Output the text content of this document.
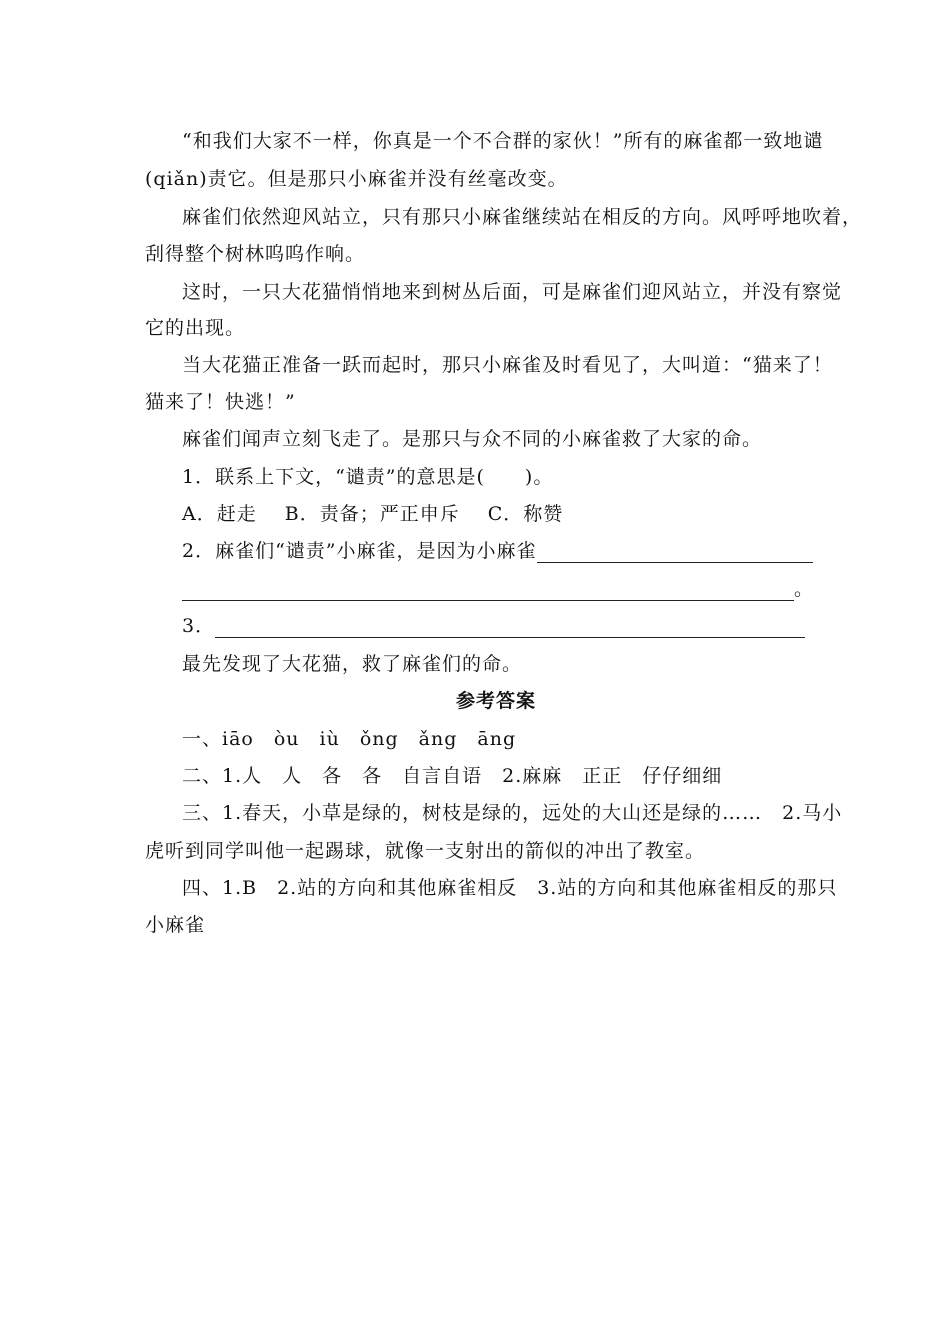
“和我们大家不一样，你真是一个不合群的家伙！”所有的麻雀都一致地谴
(qiǎn)责它。但是那只小麻雀并没有丝毫改变。
麻雀们依然迎风站立，只有那只小麻雀继续站在相反的方向。风呼呼地吹着，
刮得整个树林呜呜作响。
这时，一只大花猫悄悄地来到树丛后面，可是麻雀们迎风站立，并没有察觉
它的出现。
当大花猫正准备一跃而起时，那只小麻雀及时看见了，大叫道：“猫来了！
猫来了！快逃！”
麻雀们闻声立刻飞走了。是那只与众不同的小麻雀救了大家的命。
1．联系上下文，“谴责”的意思是(　　)。
A．赶走 B．责备；严正申斥 C．称赞
2．麻雀们“谴责”小麻雀，是因为小麻雀
。
3．
最先发现了大花猫，救了麻雀们的命。
参考答案
一、iāo　òu　iù　ǒng　ǎng　āng
二、1.人　人　各　各　自言自语　2.麻麻　正正　仔仔细细
三、1.春天，小草是绿的，树枝是绿的，远处的大山还是绿的……　2.马小
虎听到同学叫他一起踢球，就像一支射出的箭似的冲出了教室。
四、1.B　2.站的方向和其他麻雀相反　3.站的方向和其他麻雀相反的那只
小麻雀
